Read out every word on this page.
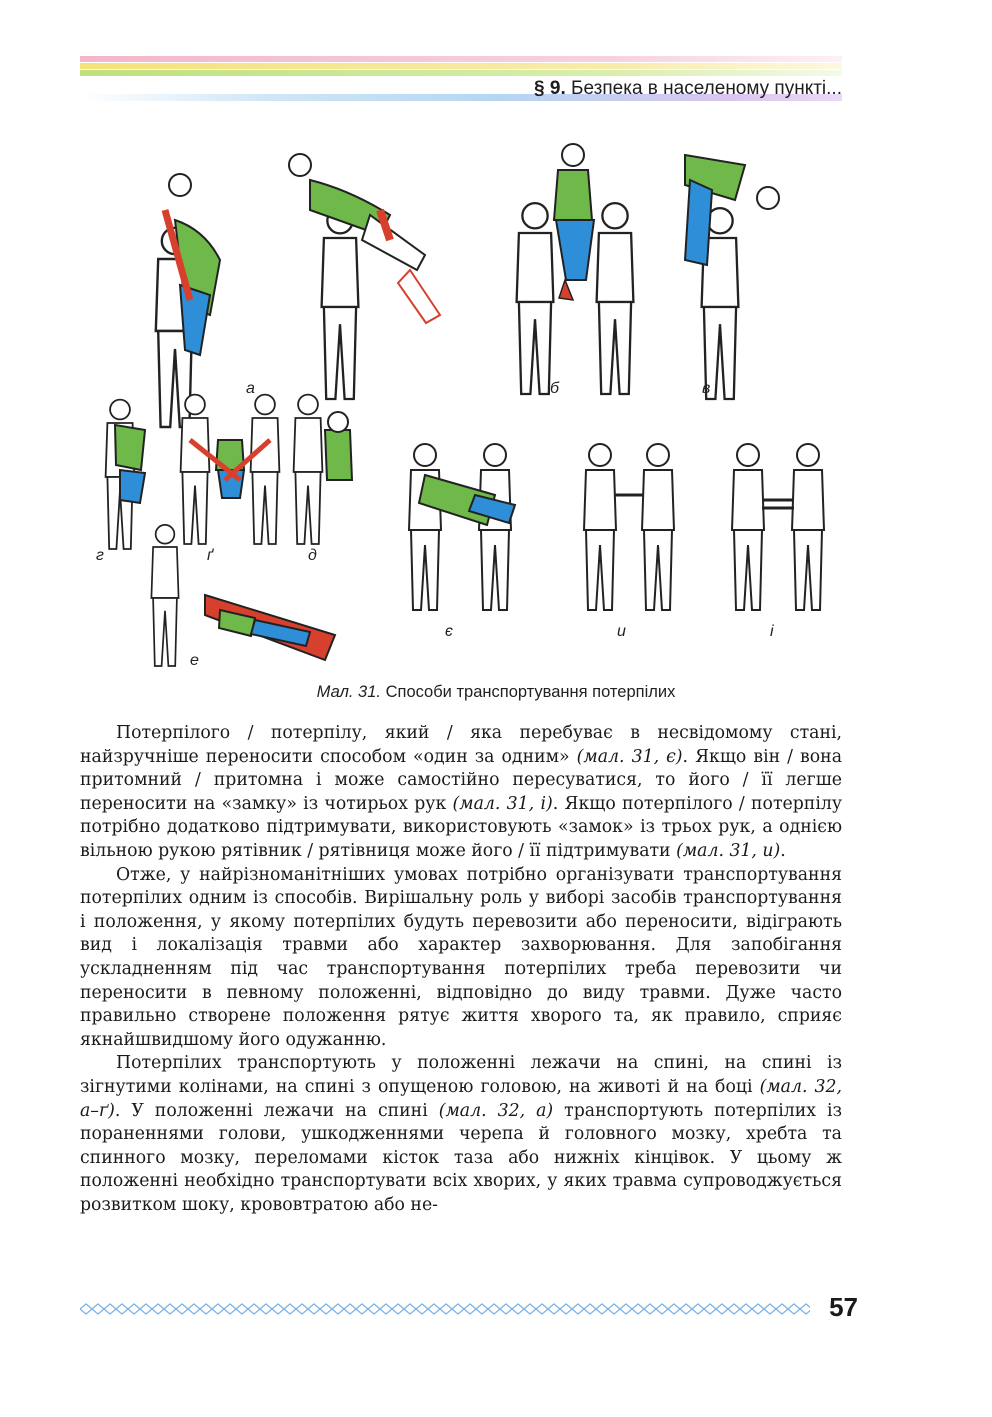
§ 9. Безпека в населеному пункті...
а	б	в
г	ґ	д
е
є	и	і
Мал. 31. Способи транспортування потерпілих

Потерпілого / потерпілу, який / яка перебуває в несвідомому стані, найзручніше переносити способом «один за одним» (мал. 31, є). Якщо він / вона притомний / притомна і може самостійно пересуватися, то його / її легше переносити на «замку» із чотирьох рук (мал. 31, і). Якщо потерпілого / потерпілу потрібно додатково підтримувати, використовують «замок» із трьох рук, а однією вільною рукою рятівник / рятівниця може його / її підтримувати (мал. 31, и).

Отже, у найрізноманітніших умовах потрібно організувати транспортування потерпілих одним із способів. Вирішальну роль у виборі засобів транспортування і положення, у якому потерпілих будуть перевозити або переносити, відіграють вид і локалізація травми або характер захворювання. Для запобігання ускладненням під час транспортування потерпілих треба перевозити чи переносити в певному положенні, відповідно до виду травми. Дуже часто правильно створене положення рятує життя хворого та, як правило, сприяє якнайшвидшому його одужанню.

Потерпілих транспортують у положенні лежачи на спині, на спині із зігнутими колінами, на спині з опущеною головою, на животі й на боці (мал. 32, а–ґ). У положенні лежачи на спині (мал. 32, а) транспортують потерпілих із пораненнями голови, ушкодженнями черепа й головного мозку, хребта та спинного мозку, переломами кісток таза або нижніх кінцівок. У цьому ж положенні необхідно транспортувати всіх хворих, у яких травма супроводжується розвитком шоку, крововтратою або не-

57
